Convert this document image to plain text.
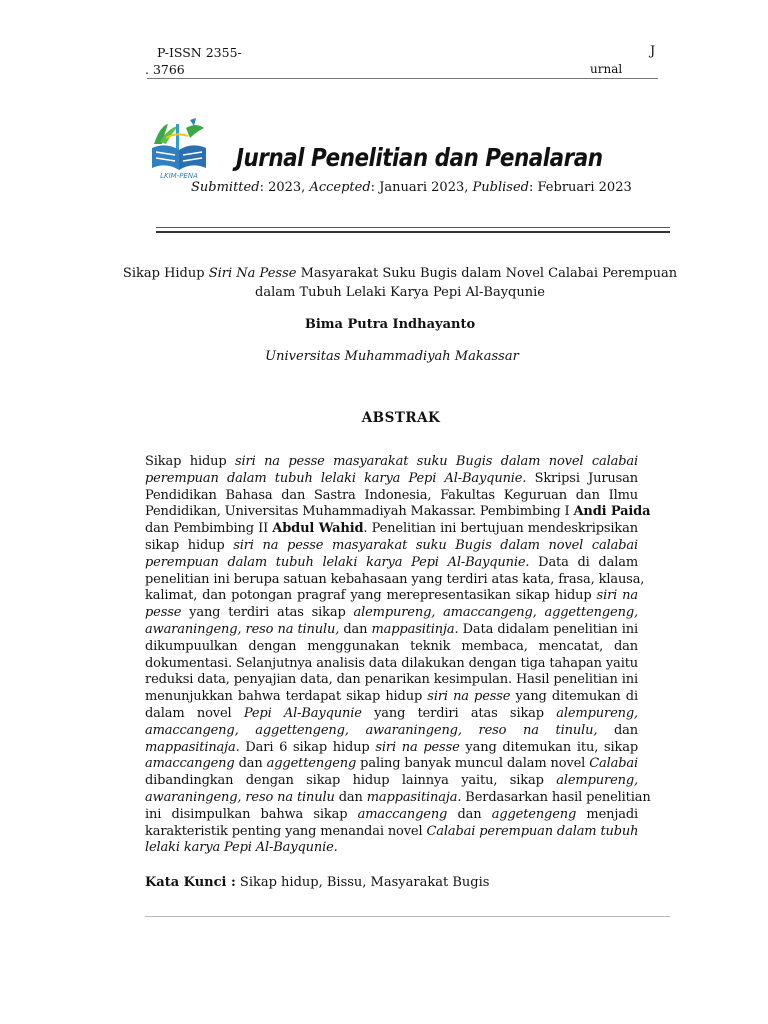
P-ISSN 2355-
. 3766
J
urnal
LKIM-PENA
Jurnal Penelitian dan Penalaran
Submitted: 2023, Accepted: Januari 2023, Publised: Februari 2023
Sikap Hidup Siri Na Pesse Masyarakat Suku Bugis dalam Novel Calabai Perempuan
dalam Tubuh Lelaki Karya Pepi Al-Bayqunie
Bima Putra Indhayanto
Universitas Muhammadiyah Makassar
ABSTRAK
Sikap hidup siri na pesse masyarakat suku Bugis dalam novel calabai
perempuan dalam tubuh lelaki karya Pepi Al-Bayqunie. Skripsi Jurusan
Pendidikan Bahasa dan Sastra Indonesia, Fakultas Keguruan dan Ilmu
Pendidikan, Universitas Muhammadiyah Makassar. Pembimbing I Andi Paida
dan Pembimbing II Abdul Wahid. Penelitian ini bertujuan mendeskripsikan
sikap hidup siri na pesse masyarakat suku Bugis dalam novel calabai
perempuan dalam tubuh lelaki karya Pepi Al-Bayqunie. Data di dalam
penelitian ini berupa satuan kebahasaan yang terdiri atas kata, frasa, klausa,
kalimat, dan potongan pragraf yang merepresentasikan sikap hidup siri na
pesse yang terdiri atas sikap alempureng, amaccangeng, aggettengeng,
awaraningeng, reso na tinulu, dan mappasitinja. Data didalam penelitian ini
dikumpuulkan dengan menggunakan teknik membaca, mencatat, dan
dokumentasi. Selanjutnya analisis data dilakukan dengan tiga tahapan yaitu
reduksi data, penyajian data, dan penarikan kesimpulan. Hasil penelitian ini
menunjukkan bahwa terdapat sikap hidup siri na pesse yang ditemukan di
dalam novel Pepi Al-Bayqunie yang terdiri atas sikap alempureng,
amaccangeng, aggettengeng, awaraningeng, reso na tinulu, dan
mappasitinaja. Dari 6 sikap hidup siri na pesse yang ditemukan itu, sikap
amaccangeng dan aggettengeng paling banyak muncul dalam novel Calabai
dibandingkan dengan sikap hidup lainnya yaitu, sikap alempureng,
awaraningeng, reso na tinulu dan mappasitinaja. Berdasarkan hasil penelitian
ini disimpulkan bahwa sikap amaccangeng dan aggetengeng menjadi
karakteristik penting yang menandai novel Calabai perempuan dalam tubuh
lelaki karya Pepi Al-Bayqunie.
Kata Kunci : Sikap hidup, Bissu, Masyarakat Bugis
